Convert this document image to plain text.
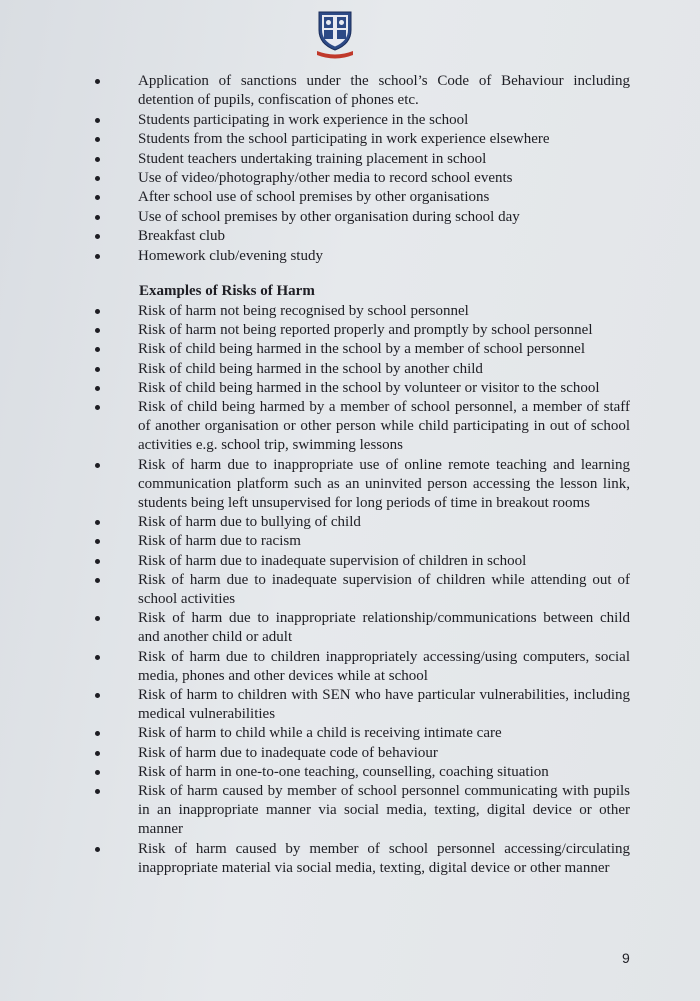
Application of sanctions under the school’s Code of Behaviour including detention of pupils, confiscation of phones etc.
Students participating in work experience in the school
Students from the school participating in work experience elsewhere
Student teachers undertaking training placement in school
Use of video/photography/other media to record school events
After school use of school premises by other organisations
Use of school premises by other organisation during school day
Breakfast club
Homework club/evening study
Examples of Risks of Harm
Risk of harm not being recognised by school personnel
Risk of harm not being reported properly and promptly by school personnel
Risk of child being harmed in the school by a member of school personnel
Risk of child being harmed in the school by another child
Risk of child being harmed in the school by volunteer or visitor to the school
Risk of child being harmed by a member of school personnel, a member of staff of another organisation or other person while child participating in out of school activities e.g. school trip, swimming lessons
Risk of harm due to inappropriate use of online remote teaching and learning communication platform such as an uninvited person accessing the lesson link, students being left unsupervised for long periods of time in breakout rooms
Risk of harm due to bullying of child
Risk of harm due to racism
Risk of harm due to inadequate supervision of children in school
Risk of harm due to inadequate supervision of children while attending out of school activities
Risk of harm due to inappropriate relationship/communications between child and another child or adult
Risk of harm due to children inappropriately accessing/using computers, social media, phones and other devices while at school
Risk of harm to children with SEN who have particular vulnerabilities, including medical vulnerabilities
Risk of harm to child while a child is receiving intimate care
Risk of harm due to inadequate code of behaviour
Risk of harm in one-to-one teaching, counselling, coaching situation
Risk of harm caused by member of school personnel communicating with pupils in an inappropriate manner via social media, texting, digital device or other manner
Risk of harm caused by member of school personnel accessing/circulating inappropriate material via social media, texting, digital device or other manner
9
